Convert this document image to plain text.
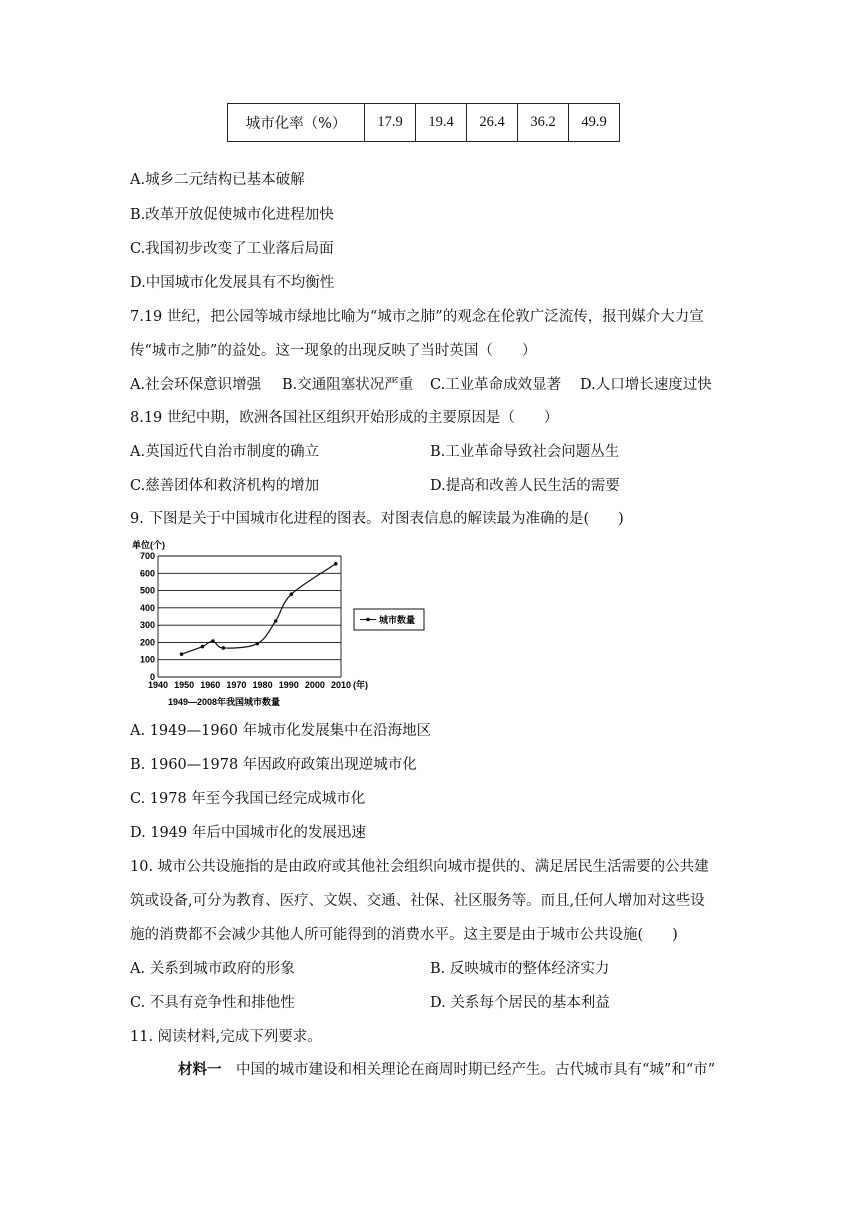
城市化率（%）	17.9	19.4	26.4	36.2	49.9
A.城乡二元结构已基本破解
B.改革开放促使城市化进程加快
C.我国初步改变了工业落后局面
D.中国城市化发展具有不均衡性
7.19 世纪，把公园等城市绿地比喻为“城市之肺”的观念在伦敦广泛流传，报刊媒介大力宣
传“城市之肺”的益处。这一现象的出现反映了当时英国（　　）
A.社会环保意识增强 B.交通阻塞状况严重 C.工业革命成效显著 D.人口增长速度过快
8.19 世纪中期，欧洲各国社区组织开始形成的主要原因是（　　）
A.英国近代自治市制度的确立	B.工业革命导致社会问题丛生
C.慈善团体和救济机构的增加	D.提高和改善人民生活的需要
9. 下图是关于中国城市化进程的图表。对图表信息的解读最为准确的是(　　)
单位(个)
0
100
200
300
400
500
600
700
1940 1950 1960 1970 1980 1990 2000 2010 (年)
1949—2008年我国城市数量
城市数量
A. 1949—1960 年城市化发展集中在沿海地区
B. 1960—1978 年因政府政策出现逆城市化
C. 1978 年至今我国已经完成城市化
D. 1949 年后中国城市化的发展迅速
10. 城市公共设施指的是由政府或其他社会组织向城市提供的、满足居民生活需要的公共建
筑或设备,可分为教育、医疗、文娱、交通、社保、社区服务等。而且,任何人增加对这些设
施的消费都不会减少其他人所可能得到的消费水平。这主要是由于城市公共设施(　　)
A. 关系到城市政府的形象	B. 反映城市的整体经济实力
C. 不具有竞争性和排他性	D. 关系每个居民的基本利益
11. 阅读材料,完成下列要求。
材料一　 中国的城市建设和相关理论在商周时期已经产生。古代城市具有“城”和“市”
